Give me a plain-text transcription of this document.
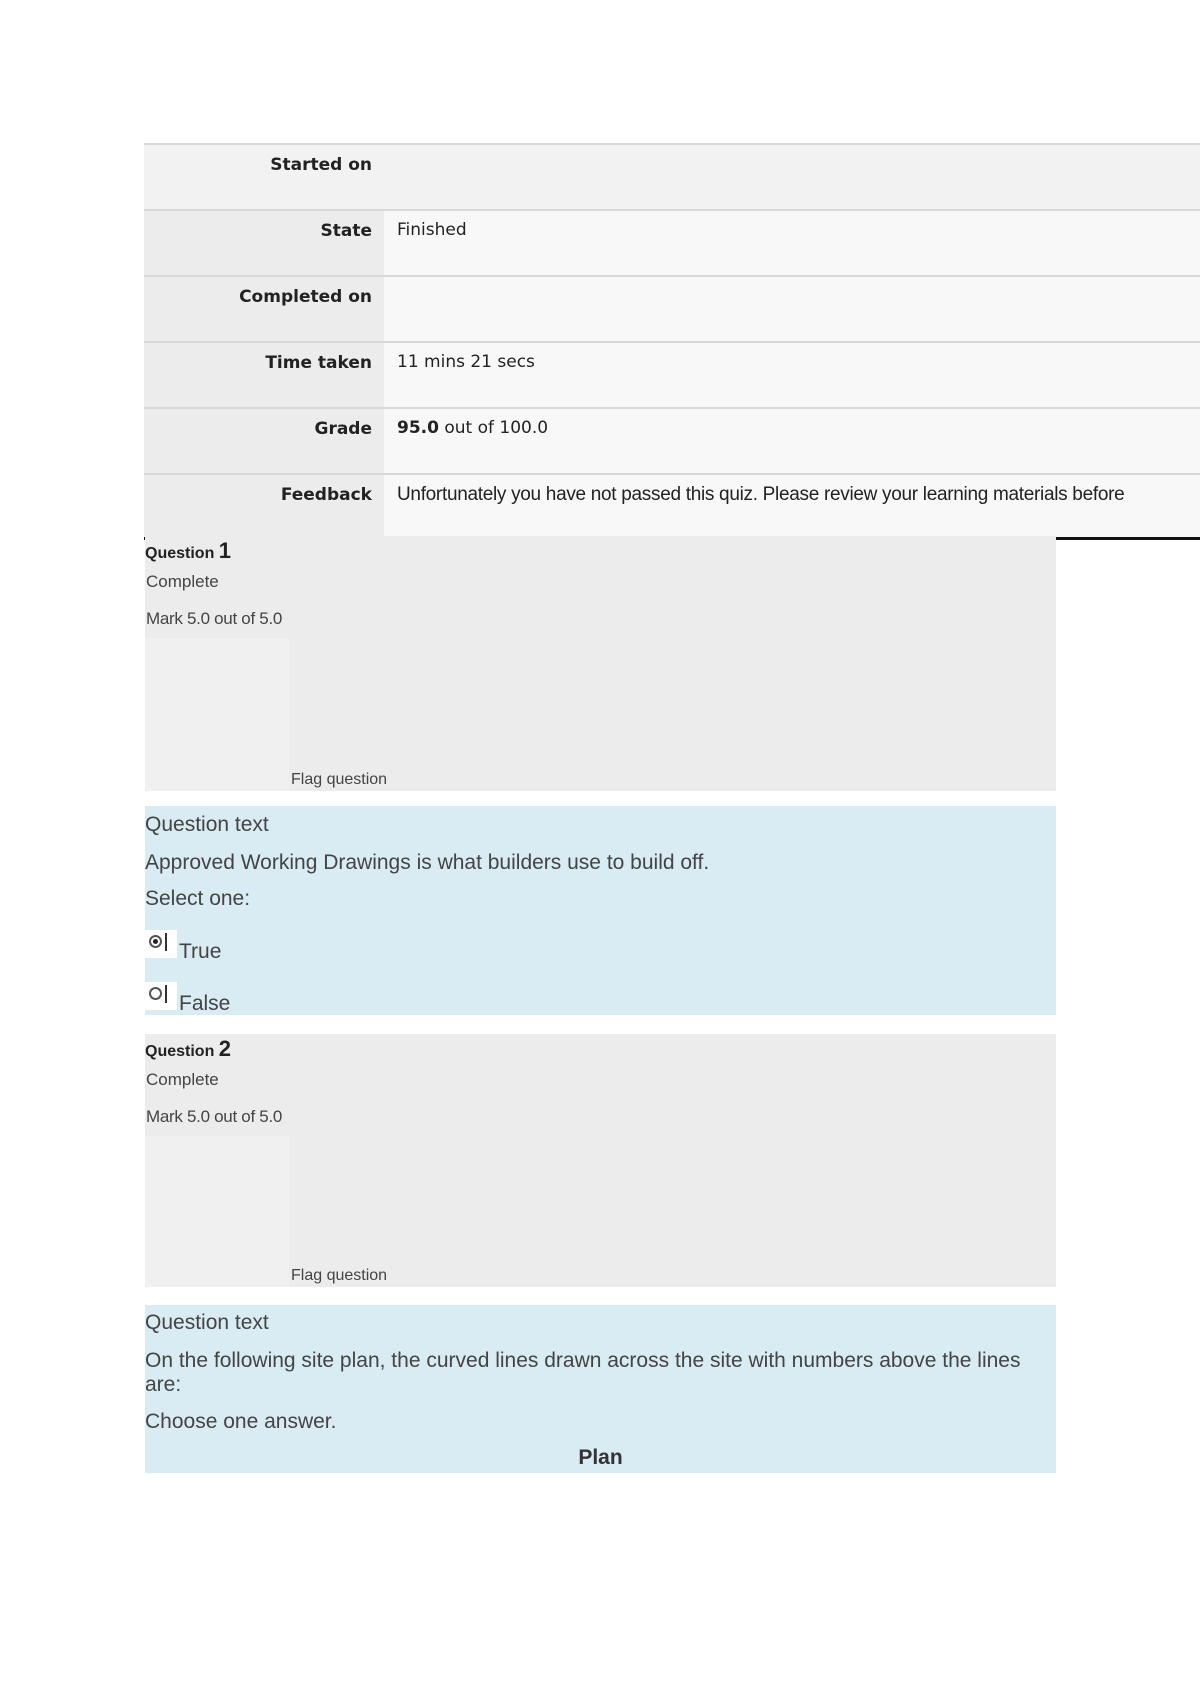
Started on
State	Finished
Completed on
Time taken	11 mins 21 secs
Grade	95.0 out of 100.0
Feedback	Unfortunately you have not passed this quiz. Please review your learning materials before
Question 1
Complete
Mark 5.0 out of 5.0
Flag question
Question text
Approved Working Drawings is what builders use to build off.
Select one:
True
False
Question 2
Complete
Mark 5.0 out of 5.0
Flag question
Question text
On the following site plan, the curved lines drawn across the site with numbers above the lines are:
Choose one answer.
Plan
